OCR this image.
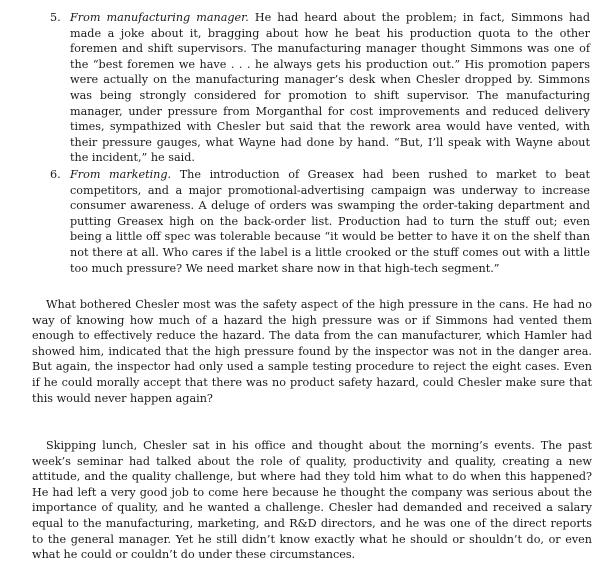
5. From manufacturing manager. He had heard about the problem; in fact, Simmons had made a joke about it, bragging about how he beat his production quota to the other foremen and shift supervisors. The manufacturing manager thought Simmons was one of the “best foremen we have . . . he always gets his production out.” His promotion papers were actually on the manufacturing manager’s desk when Chesler dropped by. Simmons was being strongly considered for promotion to shift supervisor. The manufacturing manager, under pressure from Morganthal for cost improvements and reduced delivery times, sympathized with Chesler but said that the rework area would have vented, with their pressure gauges, what Wayne had done by hand. “But, I’ll speak with Wayne about the incident,” he said.
6. From marketing. The introduction of Greasex had been rushed to market to beat competitors, and a major promotional-advertising campaign was underway to increase consumer awareness. A deluge of orders was swamping the order-taking department and putting Greasex high on the back-order list. Production had to turn the stuff out; even being a little off spec was tolerable because “it would be better to have it on the shelf than not there at all. Who cares if the label is a little crooked or the stuff comes out with a little too much pressure? We need market share now in that high-tech segment.”

What bothered Chesler most was the safety aspect of the high pressure in the cans. He had no way of knowing how much of a hazard the high pressure was or if Simmons had vented them enough to effectively reduce the hazard. The data from the can manufacturer, which Hamler had showed him, indicated that the high pressure found by the inspector was not in the danger area. But again, the inspector had only used a sample testing procedure to reject the eight cases. Even if he could morally accept that there was no product safety hazard, could Chesler make sure that this would never happen again?

Skipping lunch, Chesler sat in his office and thought about the morning’s events. The past week’s seminar had talked about the role of quality, productivity and quality, creating a new attitude, and the quality challenge, but where had they told him what to do when this happened? He had left a very good job to come here because he thought the company was serious about the importance of quality, and he wanted a challenge. Chesler had demanded and received a salary equal to the manufacturing, marketing, and R&D directors, and he was one of the direct reports to the general manager. Yet he still didn’t know exactly what he should or shouldn’t do, or even what he could or couldn’t do under these circumstances.
